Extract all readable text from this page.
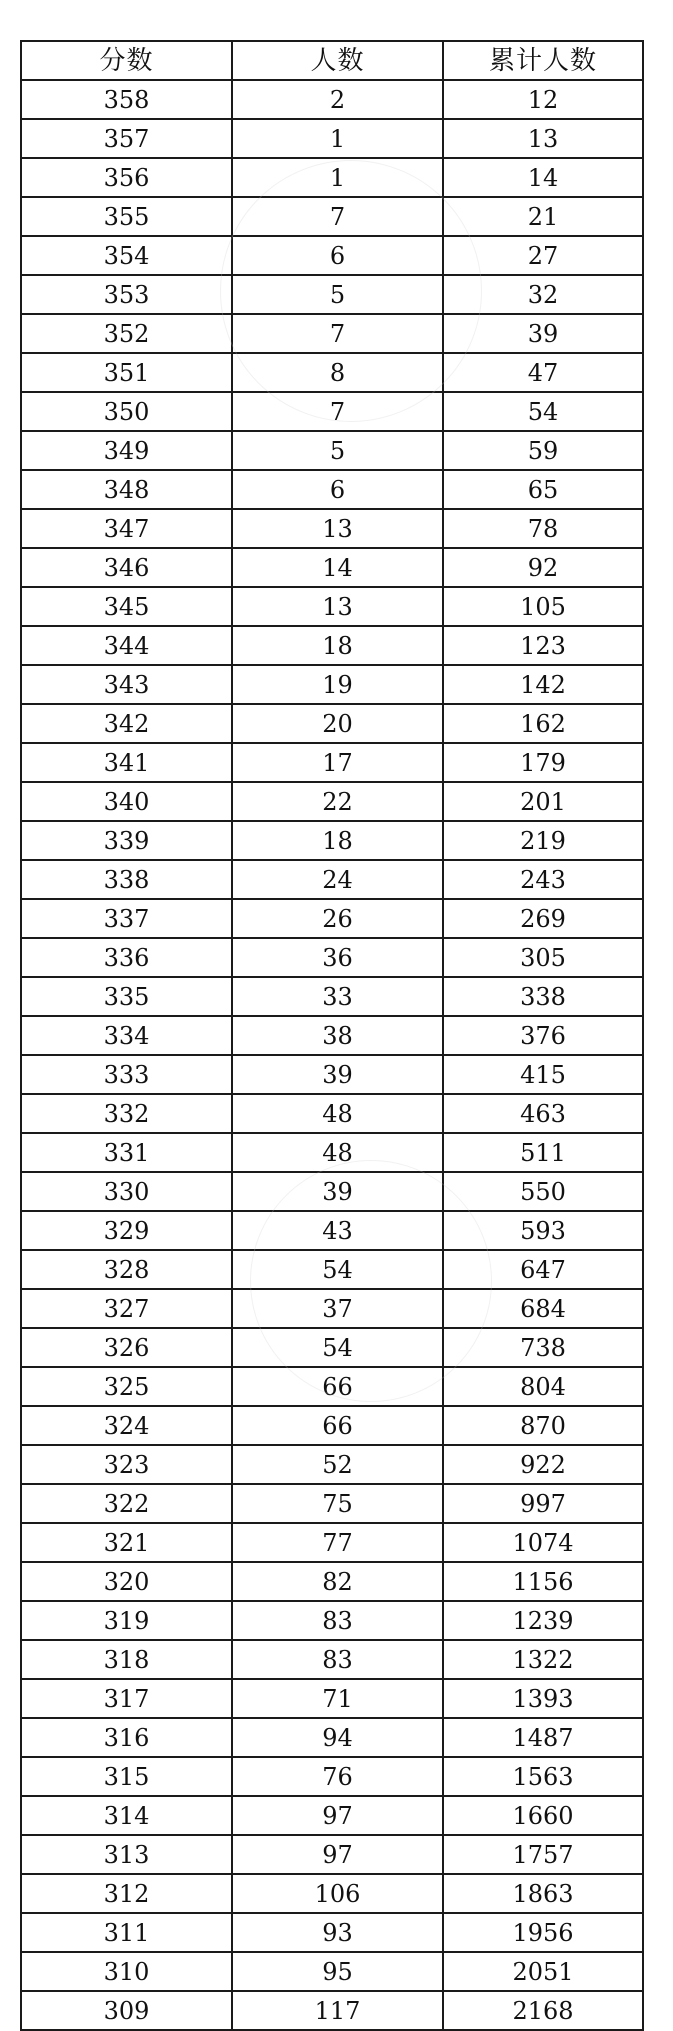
分数	人数	累计人数
358	2	12
357	1	13
356	1	14
355	7	21
354	6	27
353	5	32
352	7	39
351	8	47
350	7	54
349	5	59
348	6	65
347	13	78
346	14	92
345	13	105
344	18	123
343	19	142
342	20	162
341	17	179
340	22	201
339	18	219
338	24	243
337	26	269
336	36	305
335	33	338
334	38	376
333	39	415
332	48	463
331	48	511
330	39	550
329	43	593
328	54	647
327	37	684
326	54	738
325	66	804
324	66	870
323	52	922
322	75	997
321	77	1074
320	82	1156
319	83	1239
318	83	1322
317	71	1393
316	94	1487
315	76	1563
314	97	1660
313	97	1757
312	106	1863
311	93	1956
310	95	2051
309	117	2168
